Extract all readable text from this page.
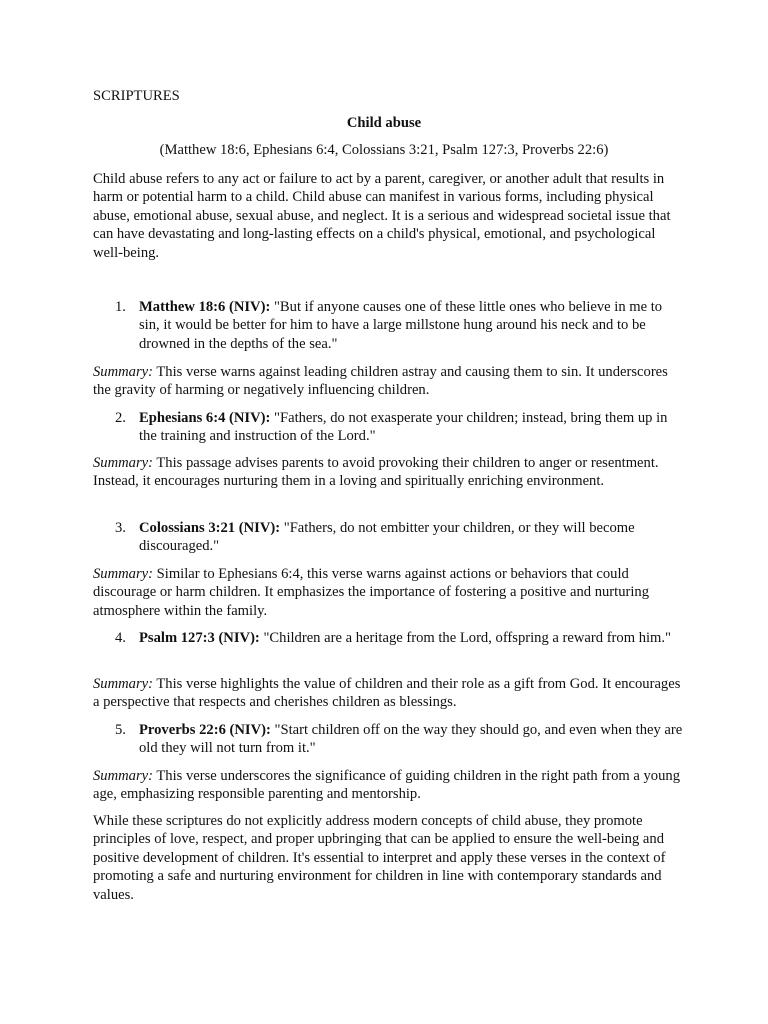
SCRIPTURES

Child abuse

(Matthew 18:6, Ephesians 6:4, Colossians 3:21, Psalm 127:3, Proverbs 22:6)

Child abuse refers to any act or failure to act by a parent, caregiver, or another adult that results in harm or potential harm to a child. Child abuse can manifest in various forms, including physical abuse, emotional abuse, sexual abuse, and neglect. It is a serious and widespread societal issue that can have devastating and long-lasting effects on a child's physical, emotional, and psychological well-being.

1. Matthew 18:6 (NIV): "But if anyone causes one of these little ones who believe in me to sin, it would be better for him to have a large millstone hung around his neck and to be drowned in the depths of the sea."

Summary: This verse warns against leading children astray and causing them to sin. It underscores the gravity of harming or negatively influencing children.

2. Ephesians 6:4 (NIV): "Fathers, do not exasperate your children; instead, bring them up in the training and instruction of the Lord."

Summary: This passage advises parents to avoid provoking their children to anger or resentment. Instead, it encourages nurturing them in a loving and spiritually enriching environment.

3. Colossians 3:21 (NIV): "Fathers, do not embitter your children, or they will become discouraged."

Summary: Similar to Ephesians 6:4, this verse warns against actions or behaviors that could discourage or harm children. It emphasizes the importance of fostering a positive and nurturing atmosphere within the family.

4. Psalm 127:3 (NIV): "Children are a heritage from the Lord, offspring a reward from him."

Summary: This verse highlights the value of children and their role as a gift from God. It encourages a perspective that respects and cherishes children as blessings.

5. Proverbs 22:6 (NIV): "Start children off on the way they should go, and even when they are old they will not turn from it."

Summary: This verse underscores the significance of guiding children in the right path from a young age, emphasizing responsible parenting and mentorship.

While these scriptures do not explicitly address modern concepts of child abuse, they promote principles of love, respect, and proper upbringing that can be applied to ensure the well-being and positive development of children. It's essential to interpret and apply these verses in the context of promoting a safe and nurturing environment for children in line with contemporary standards and values.
